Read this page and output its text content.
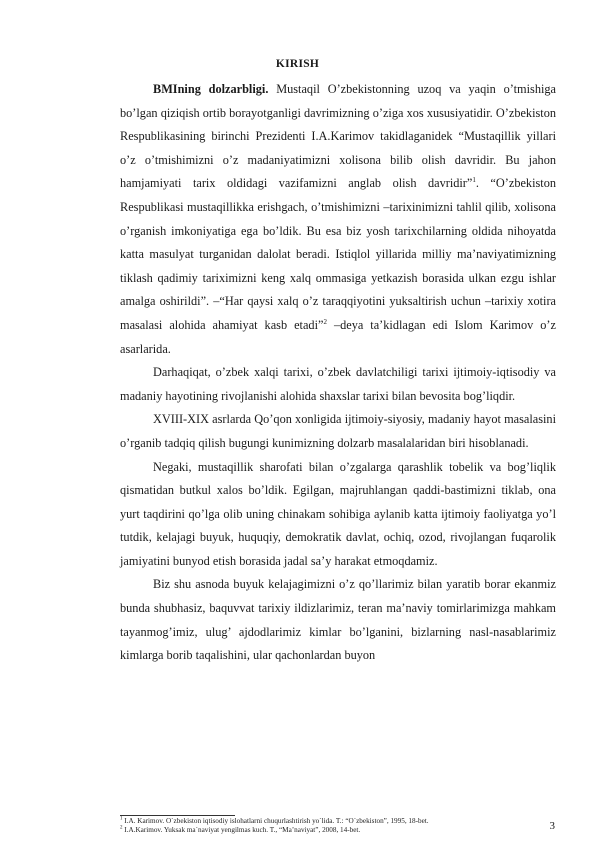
KIRISH

BMIning dolzarbligi. Mustaqil O’zbekistonning uzoq va yaqin o’tmishiga bo’lgan qiziqish ortib borayotganligi davrimizning o’ziga xos xususiyatidir. O’zbekiston Respublikasining birinchi Prezidenti I.A.Karimov takidlaganidek “Mustaqillik yillari o’z o’tmishimizni o’z madaniyatimizni xolisona bilib olish davridir. Bu jahon hamjamiyati tarix oldidagi vazifamizni anglab olish davridir”$^1$. “O’zbekiston Respublikasi mustaqillikka erishgach, o’tmishimizni –tarixinimizni tahlil qilib, xolisona o’rganish imkoniyatiga ega bo’ldik. Bu esa biz yosh tarixchilarning oldida nihoyatda katta masulyat turganidan dalolat beradi. Istiqlol yillarida milliy ma’naviyatimizning tiklash qadimiy tariximizni keng xalq ommasiga yetkazish borasida ulkan ezgu ishlar amalga oshirildi”. –“Har qaysi xalq o’z taraqqiyotini yuksaltirish uchun –tarixiy xotira masalasi alohida ahamiyat kasb etadi”$^2$ –deya ta’kidlagan edi Islom Karimov o’z asarlarida.

Darhaqiqat, o’zbek xalqi tarixi, o’zbek davlatchiligi tarixi ijtimoiy-iqtisodiy va madaniy hayotining rivojlanishi alohida shaxslar tarixi bilan bevosita bog’liqdir.

XVIII-XIX asrlarda Qo’qon xonligida ijtimoiy-siyosiy, madaniy hayot masalasini o’rganib tadqiq qilish bugungi kunimizning dolzarb masalalaridan biri hisoblanadi.

Negaki, mustaqillik sharofati bilan o’zgalarga qarashlik tobelik va bog’liqlik qismatidan butkul xalos bo’ldik. Egilgan, majruhlangan qaddi-bastimizni tiklab, ona yurt taqdirini qo’lga olib uning chinakam sohibiga aylanib katta ijtimoiy faoliyatga yo’l tutdik, kelajagi buyuk, huquqiy, demokratik davlat, ochiq, ozod, rivojlangan fuqarolik jamiyatini bunyod etish borasida jadal sa’y harakat etmoqdamiz.

Biz shu asnoda buyuk kelajagimizni o’z qo’llarimiz bilan yaratib borar ekanmiz bunda shubhasiz, baquvvat tarixiy ildizlarimiz, teran ma’naviy tomirlarimizga mahkam tayanmog’imiz, ulug’ ajdodlarimiz kimlar bo’lganini, bizlarning nasl-nasablarimiz kimlarga borib taqalishini, ular qachonlardan buyon

$^1$ I.A. Karimov. O`zbekiston iqtisodiy islohatlarni chuqurlashtirish yo`lida. T.: “O`zbekiston”, 1995, 18-bet.
$^2$ I.A.Karimov. Yuksak ma`naviyat yengilmas kuch. T., “Ma’naviyat”, 2008, 14-bet.	3
